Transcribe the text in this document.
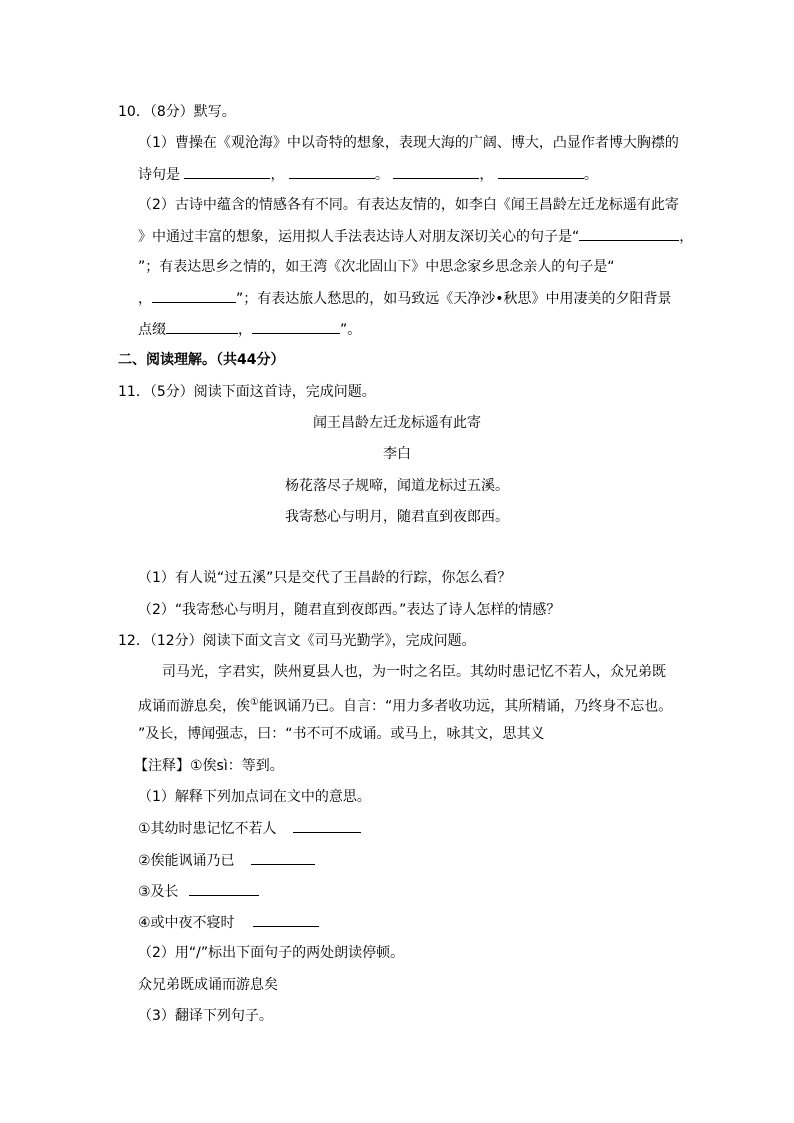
10．（8分）默写。
（1）曹操在《观沧海》中以奇特的想象，表现大海的广阔、博大，凸显作者博大胸襟的
诗句是	，	。	，	。
（2）古诗中蕴含的情感各有不同。有表达友情的，如李白《闻王昌龄左迁龙标遥有此寄
》中通过丰富的想象，运用拟人手法表达诗人对朋友深切关心的句子是“	，
”；有表达思乡之情的，如王湾《次北固山下》中思念家乡思念亲人的句子是“
，	”；有表达旅人愁思的，如马致远《天净沙•秋思》中用凄美的夕阳背景
点缀	，	”。
二、阅读理解。（共44分）
11．（5分）阅读下面这首诗，完成问题。
闻王昌龄左迁龙标遥有此寄
李白
杨花落尽子规啼，闻道龙标过五溪。
我寄愁心与明月，随君直到夜郎西。
（1）有人说“过五溪”只是交代了王昌龄的行踪，你怎么看？
（2）“我寄愁心与明月，随君直到夜郎西。”表达了诗人怎样的情感？
12．（12分）阅读下面文言文《司马光勤学》，完成问题。
司马光，字君实，陕州夏县人也，为一时之名臣。其幼时患记忆不若人，众兄弟既
成诵而游息矣，俟①能讽诵乃已。自言：“用力多者收功远，其所精诵，乃终身不忘也。
”及长，博闻强志，曰：“书不可不成诵。或马上，咏其文，思其义
【注释】①俟sì：等到。
（1）解释下列加点词在文中的意思。
①其幼时患记忆不若人
②俟能讽诵乃已
③及长
④或中夜不寝时
（2）用“/”标出下面句子的两处朗读停顿。
众兄弟既成诵而游息矣
（3）翻译下列句子。
